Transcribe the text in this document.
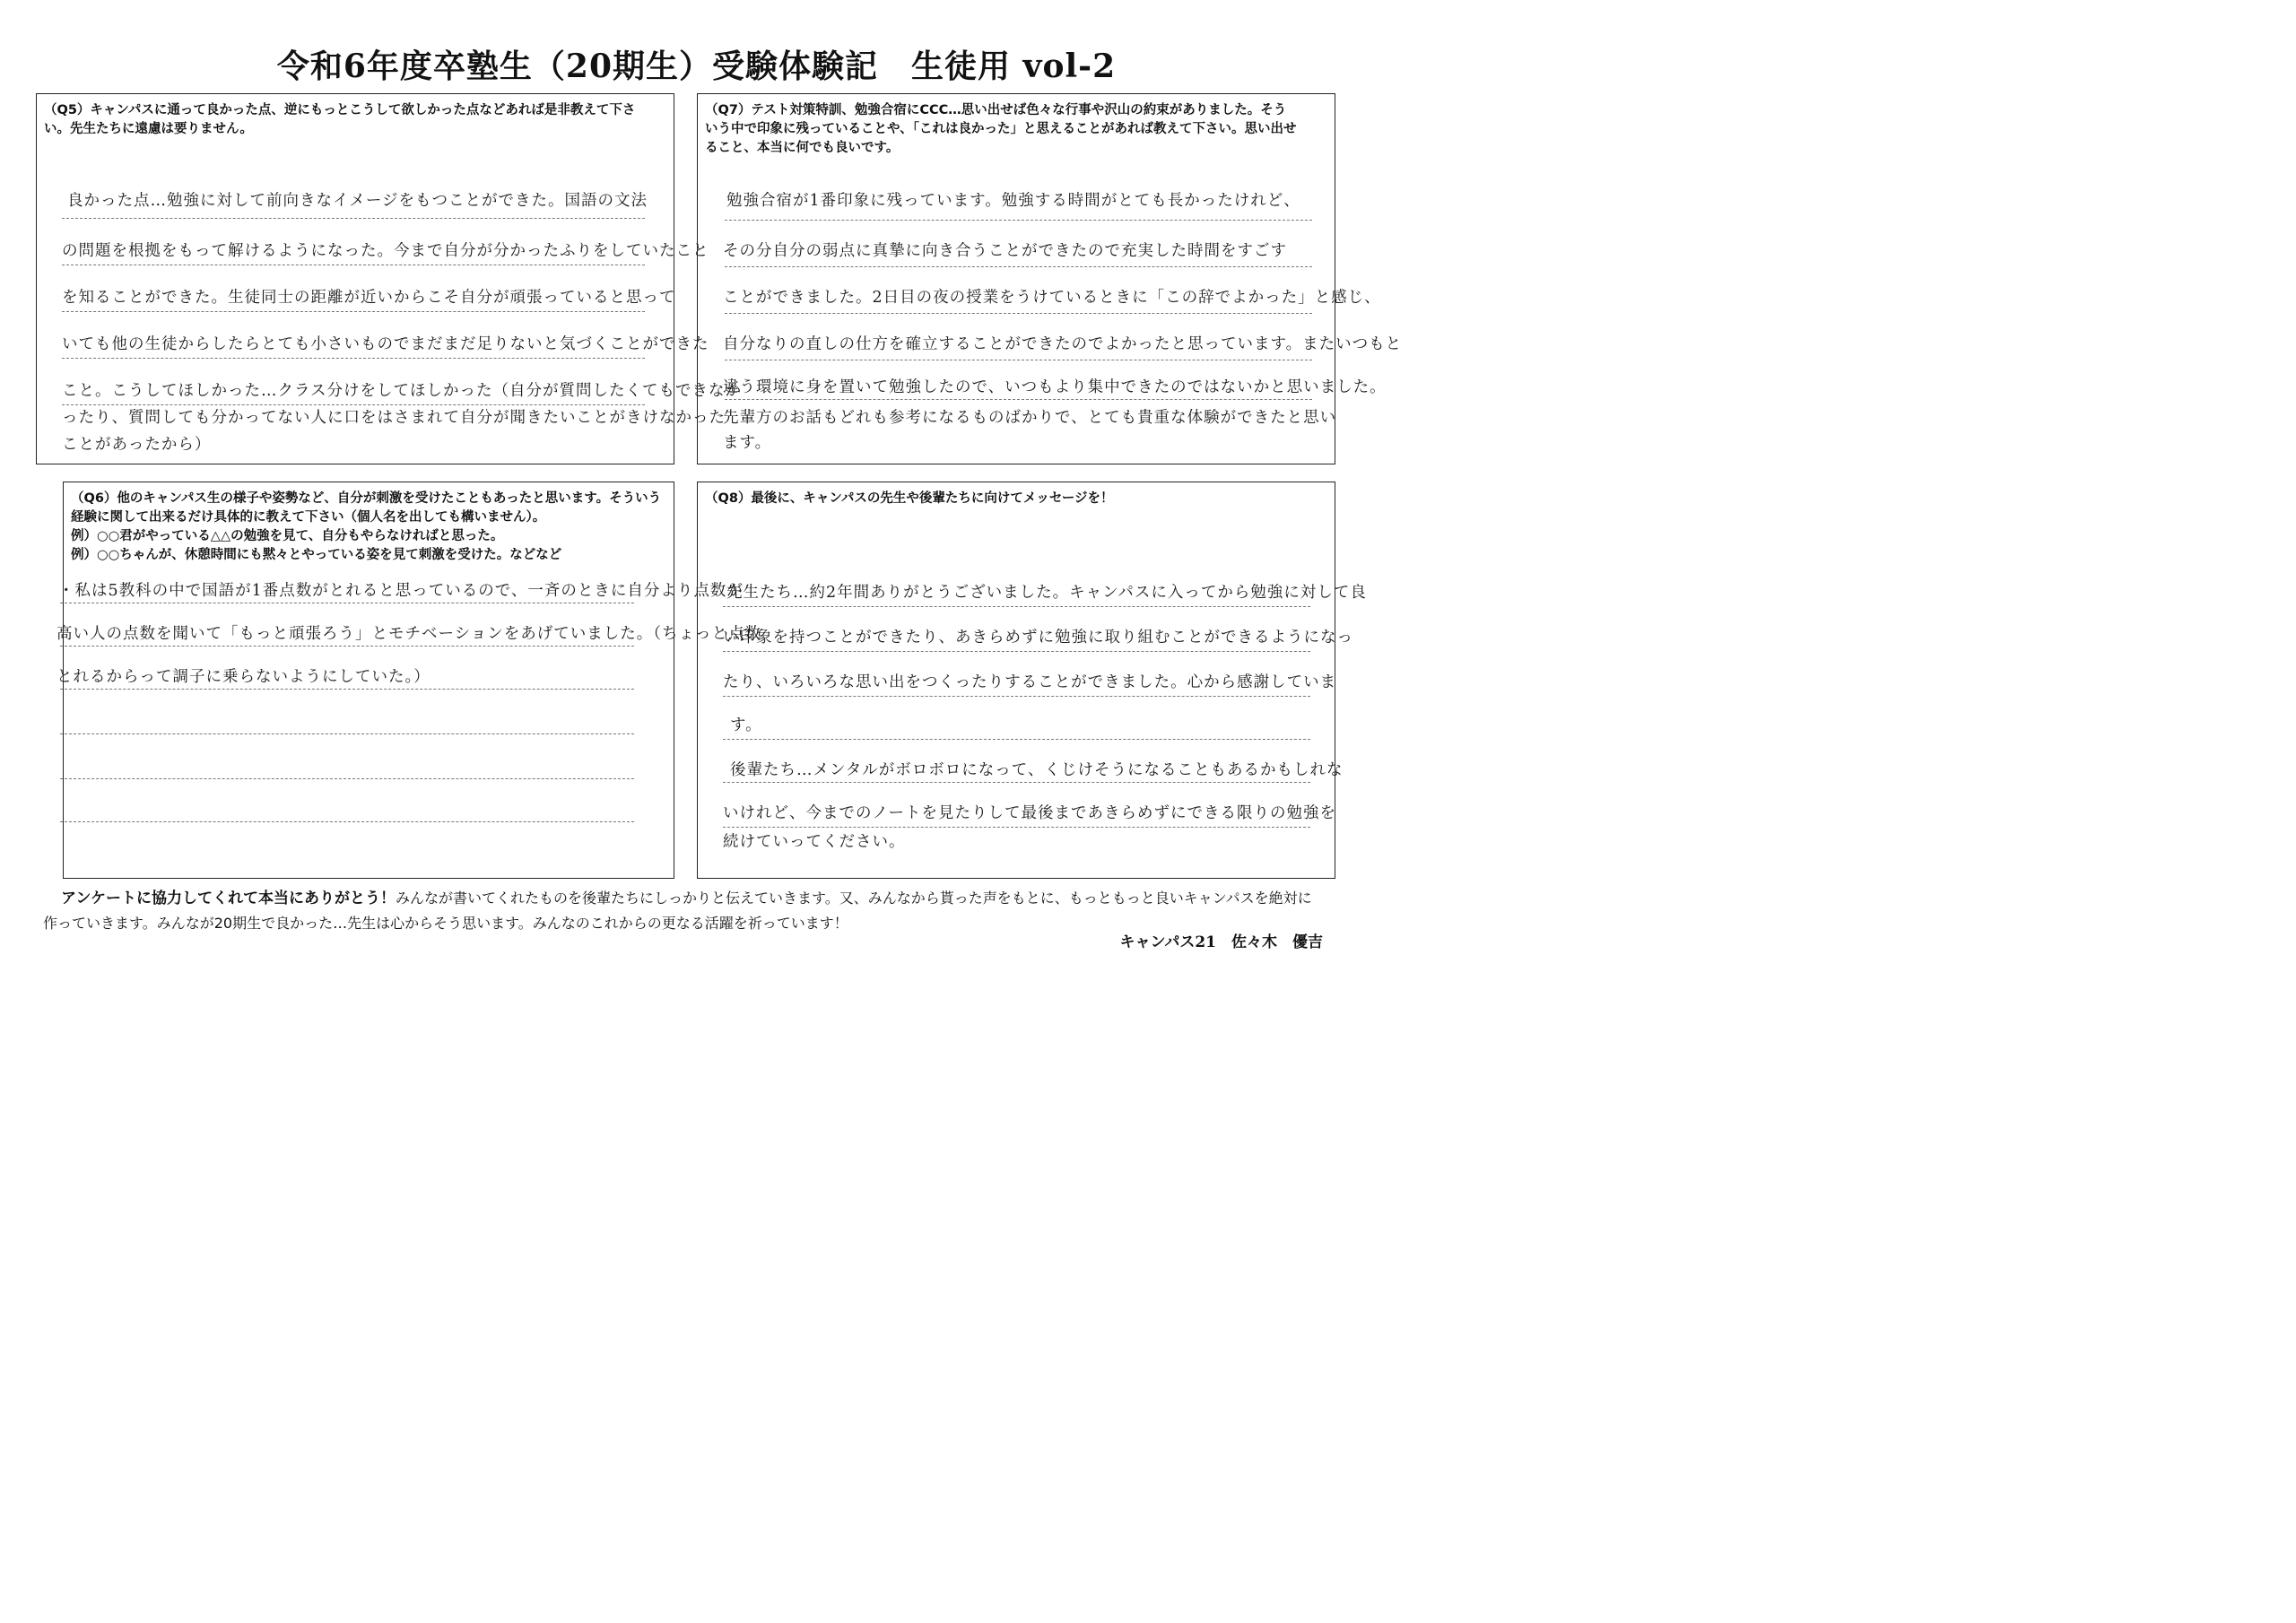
令和6年度卒塾生（20期生）受験体験記　生徒用 vol-2
（Q5）キャンパスに通って良かった点、逆にもっとこうして欲しかった点などあれば是非教えて下さ
い。先生たちに遠慮は要りません。
良かった点…勉強に対して前向きなイメージをもつことができた。国語の文法
の問題を根拠をもって解けるようになった。今まで自分が分かったふりをしていたこと
を知ることができた。生徒同士の距離が近いからこそ自分が頑張っていると思って
いても他の生徒からしたらとても小さいものでまだまだ足りないと気づくことができた
こと。こうしてほしかった…クラス分けをしてほしかった（自分が質問したくてもできなか
ったり、質問しても分かってない人に口をはさまれて自分が聞きたいことがきけなかった
ことがあったから）
（Q7）テスト対策特訓、勉強合宿にCCC…思い出せば色々な行事や沢山の約束がありました。そう
いう中で印象に残っていることや、「これは良かった」と思えることがあれば教えて下さい。思い出せ
ること、本当に何でも良いです。
勉強合宿が1番印象に残っています。勉強する時間がとても長かったけれど、
その分自分の弱点に真摯に向き合うことができたので充実した時間をすごす
ことができました。2日目の夜の授業をうけているときに「この辞でよかった」と感じ、
自分なりの直しの仕方を確立することができたのでよかったと思っています。またいつもと
違う環境に身を置いて勉強したので、いつもより集中できたのではないかと思いました。
先輩方のお話もどれも参考になるものばかりで、とても貴重な体験ができたと思い
ます。
（Q6）他のキャンパス生の様子や姿勢など、自分が刺激を受けたこともあったと思います。そういう
経験に関して出来るだけ具体的に教えて下さい（個人名を出しても構いません）。
例）○○君がやっている△△の勉強を見て、自分もやらなければと思った。
例）○○ちゃんが、休憩時間にも黙々とやっている姿を見て刺激を受けた。などなど
・私は5教科の中で国語が1番点数がとれると思っているので、一斉のときに自分より点数が
高い人の点数を聞いて「もっと頑張ろう」とモチベーションをあげていました。（ちょっと点数
とれるからって調子に乗らないようにしていた。）
（Q8）最後に、キャンパスの先生や後輩たちに向けてメッセージを！
先生たち…約2年間ありがとうございました。キャンパスに入ってから勉強に対して良
い印象を持つことができたり、あきらめずに勉強に取り組むことができるようになっ
たり、いろいろな思い出をつくったりすることができました。心から感謝していま
す。
後輩たち…メンタルがボロボロになって、くじけそうになることもあるかもしれな
いけれど、今までのノートを見たりして最後まであきらめずにできる限りの勉強を
続けていってください。
アンケートに協力してくれて本当にありがとう！みんなが書いてくれたものを後輩たちにしっかりと伝えていきます。又、みんなから貰った声をもとに、もっともっと良いキャンパスを絶対に作っていきます。みんなが20期生で良かった…先生は心からそう思います。みんなのこれからの更なる活躍を祈っています！
キャンパス21　佐々木　優吉
